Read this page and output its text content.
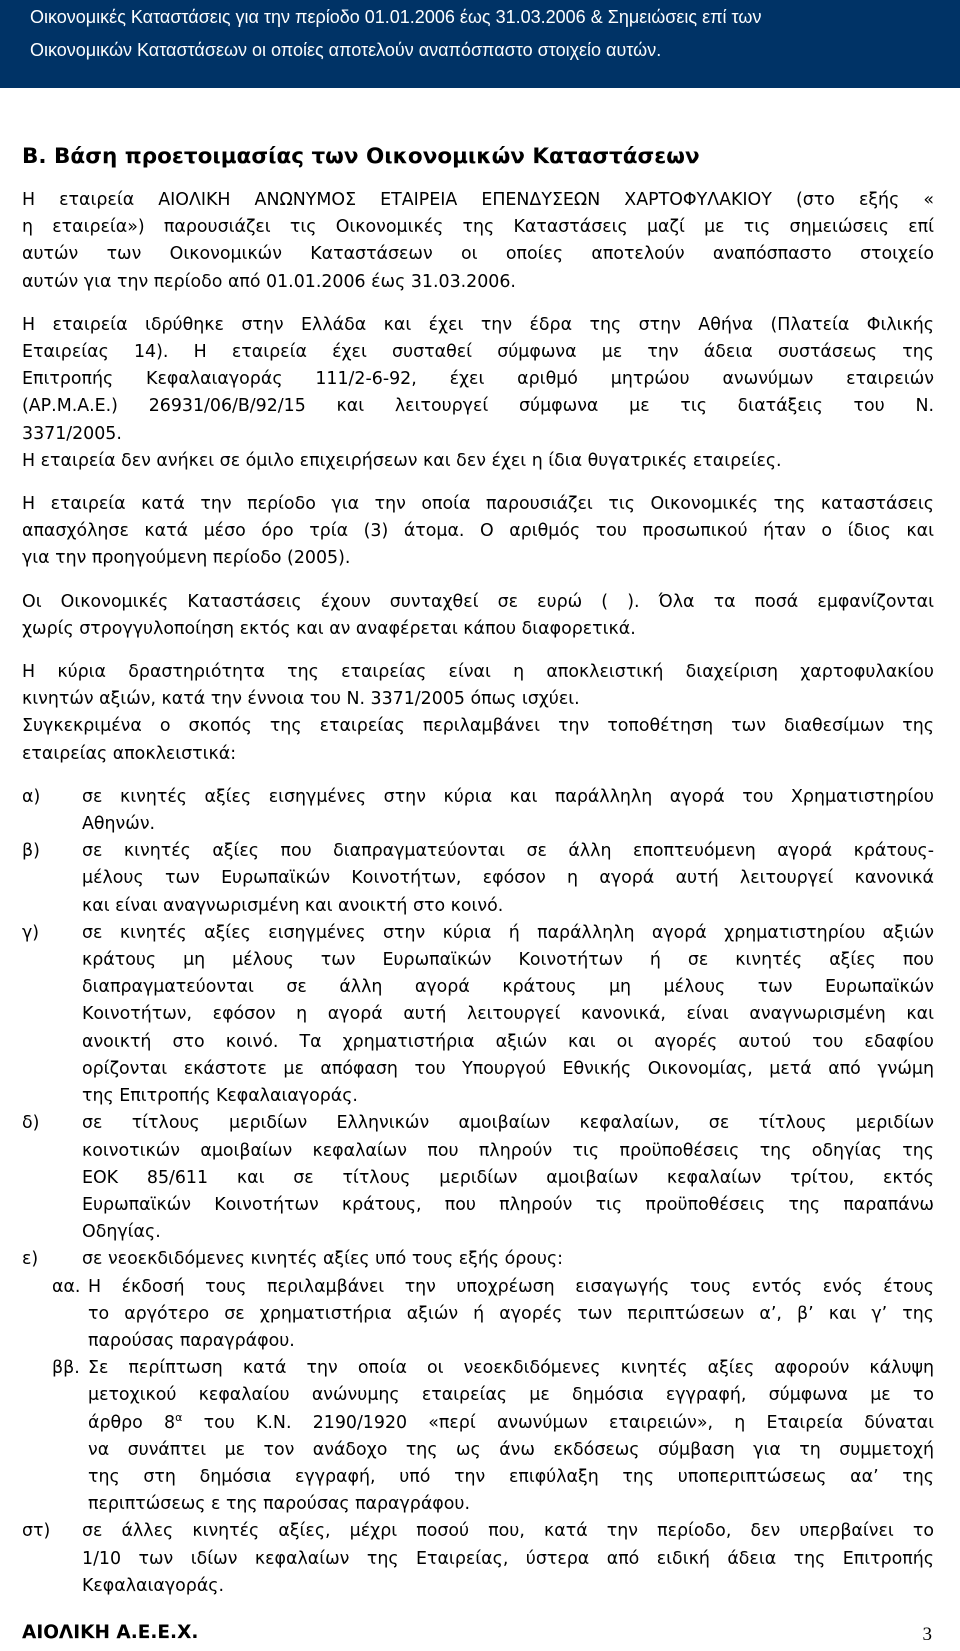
Οικονομικές Καταστάσεις για την περίοδο 01.01.2006 έως 31.03.2006 & Σημειώσεις επί των
Οικονομικών Καταστάσεων οι οποίες αποτελούν αναπόσπαστο στοιχείο αυτών.
B. Βάση προετοιμασίας των Οικονομικών Καταστάσεων

Η εταιρεία ΑΙΟΛΙΚΗ ΑΝΩΝΥΜΟΣ ΕΤΑΙΡΕΙΑ ΕΠΕΝΔΥΣΕΩΝ ΧΑΡΤΟΦΥΛΑΚΙΟΥ (στο εξής «
η εταιρεία») παρουσιάζει τις Οικονομικές της Καταστάσεις μαζί με τις σημειώσεις επί
αυτών των Οικονομικών Καταστάσεων οι οποίες αποτελούν αναπόσπαστο στοιχείο
αυτών για την περίοδο από 01.01.2006 έως 31.03.2006.

Η εταιρεία ιδρύθηκε στην Ελλάδα και έχει την έδρα της στην Αθήνα (Πλατεία Φιλικής
Εταιρείας 14). Η εταιρεία έχει συσταθεί σύμφωνα με την άδεια συστάσεως της
Επιτροπής Κεφαλαιαγοράς 111/2-6-92, έχει αριθμό μητρώου ανωνύμων εταιρειών
(ΑΡ.Μ.Α.Ε.) 26931/06/Β/92/15 και λειτουργεί σύμφωνα με τις διατάξεις του Ν.
3371/2005.
Η εταιρεία δεν ανήκει σε όμιλο επιχειρήσεων και δεν έχει η ίδια θυγατρικές εταιρείες.

Η εταιρεία κατά την περίοδο για την οποία παρουσιάζει τις Οικονομικές της καταστάσεις
απασχόλησε κατά μέσο όρο τρία (3) άτομα. Ο αριθμός του προσωπικού ήταν ο ίδιος και
για την προηγούμενη περίοδο (2005).

Οι Οικονομικές Καταστάσεις έχουν συνταχθεί σε ευρώ ( ). Όλα τα ποσά εμφανίζονται
χωρίς στρογγυλοποίηση εκτός και αν αναφέρεται κάπου διαφορετικά.

Η κύρια δραστηριότητα της εταιρείας είναι η αποκλειστική διαχείριση χαρτοφυλακίου
κινητών αξιών, κατά την έννοια του Ν. 3371/2005 όπως ισχύει.
Συγκεκριμένα ο σκοπός της εταιρείας περιλαμβάνει την τοποθέτηση των διαθεσίμων της
εταιρείας αποκλειστικά:

α) σε κινητές αξίες εισηγμένες στην κύρια και παράλληλη αγορά του Χρηματιστηρίου
Αθηνών.
β) σε κινητές αξίες που διαπραγματεύονται σε άλλη εποπτευόμενη αγορά κράτους-
μέλους των Ευρωπαϊκών Κοινοτήτων, εφόσον η αγορά αυτή λειτουργεί κανονικά
και είναι αναγνωρισμένη και ανοικτή στο κοινό.
γ) σε κινητές αξίες εισηγμένες στην κύρια ή παράλληλη αγορά χρηματιστηρίου αξιών
κράτους μη μέλους των Ευρωπαϊκών Κοινοτήτων ή σε κινητές αξίες που
διαπραγματεύονται σε άλλη αγορά κράτους μη μέλους των Ευρωπαϊκών
Κοινοτήτων, εφόσον η αγορά αυτή λειτουργεί κανονικά, είναι αναγνωρισμένη και
ανοικτή στο κοινό. Τα χρηματιστήρια αξιών και οι αγορές αυτού του εδαφίου
ορίζονται εκάστοτε με απόφαση του Υπουργού Εθνικής Οικονομίας, μετά από γνώμη
της Επιτροπής Κεφαλαιαγοράς.
δ) σε τίτλους μεριδίων Ελληνικών αμοιβαίων κεφαλαίων, σε τίτλους μεριδίων
κοινοτικών αμοιβαίων κεφαλαίων που πληρούν τις προϋποθέσεις της οδηγίας της
ΕΟΚ 85/611 και σε τίτλους μεριδίων αμοιβαίων κεφαλαίων τρίτου, εκτός
Ευρωπαϊκών Κοινοτήτων κράτους, που πληρούν τις προϋποθέσεις της παραπάνω
Οδηγίας.
ε)	σε νεοεκδιδόμενες κινητές αξίες υπό τους εξής όρους:
αα. Η έκδοσή τους περιλαμβάνει την υποχρέωση εισαγωγής τους εντός ενός έτους
το αργότερο σε χρηματιστήρια αξιών ή αγορές των περιπτώσεων α’, β’ και γ’ της
παρούσας παραγράφου.
ββ. Σε περίπτωση κατά την οποία οι νεοεκδιδόμενες κινητές αξίες αφορούν κάλυψη
μετοχικού κεφαλαίου ανώνυμης εταιρείας με δημόσια εγγραφή, σύμφωνα με το
άρθρο $8^\alpha$ του Κ.Ν. 2190/1920 «περί ανωνύμων εταιρειών», η Εταιρεία δύναται
να συνάπτει με τον ανάδοχο της ως άνω εκδόσεως σύμβαση για τη συμμετοχή
της στη δημόσια εγγραφή, υπό την επιφύλαξη της υποπεριπτώσεως αα’ της
περιπτώσεως ε της παρούσας παραγράφου.
στ) σε άλλες κινητές αξίες, μέχρι ποσού που, κατά την περίοδο, δεν υπερβαίνει το
1/10 των ιδίων κεφαλαίων της Εταιρείας, ύστερα από ειδική άδεια της Επιτροπής
Κεφαλαιαγοράς.
ΑΙΟΛΙΚΗ Α.Ε.Ε.Χ.	3
